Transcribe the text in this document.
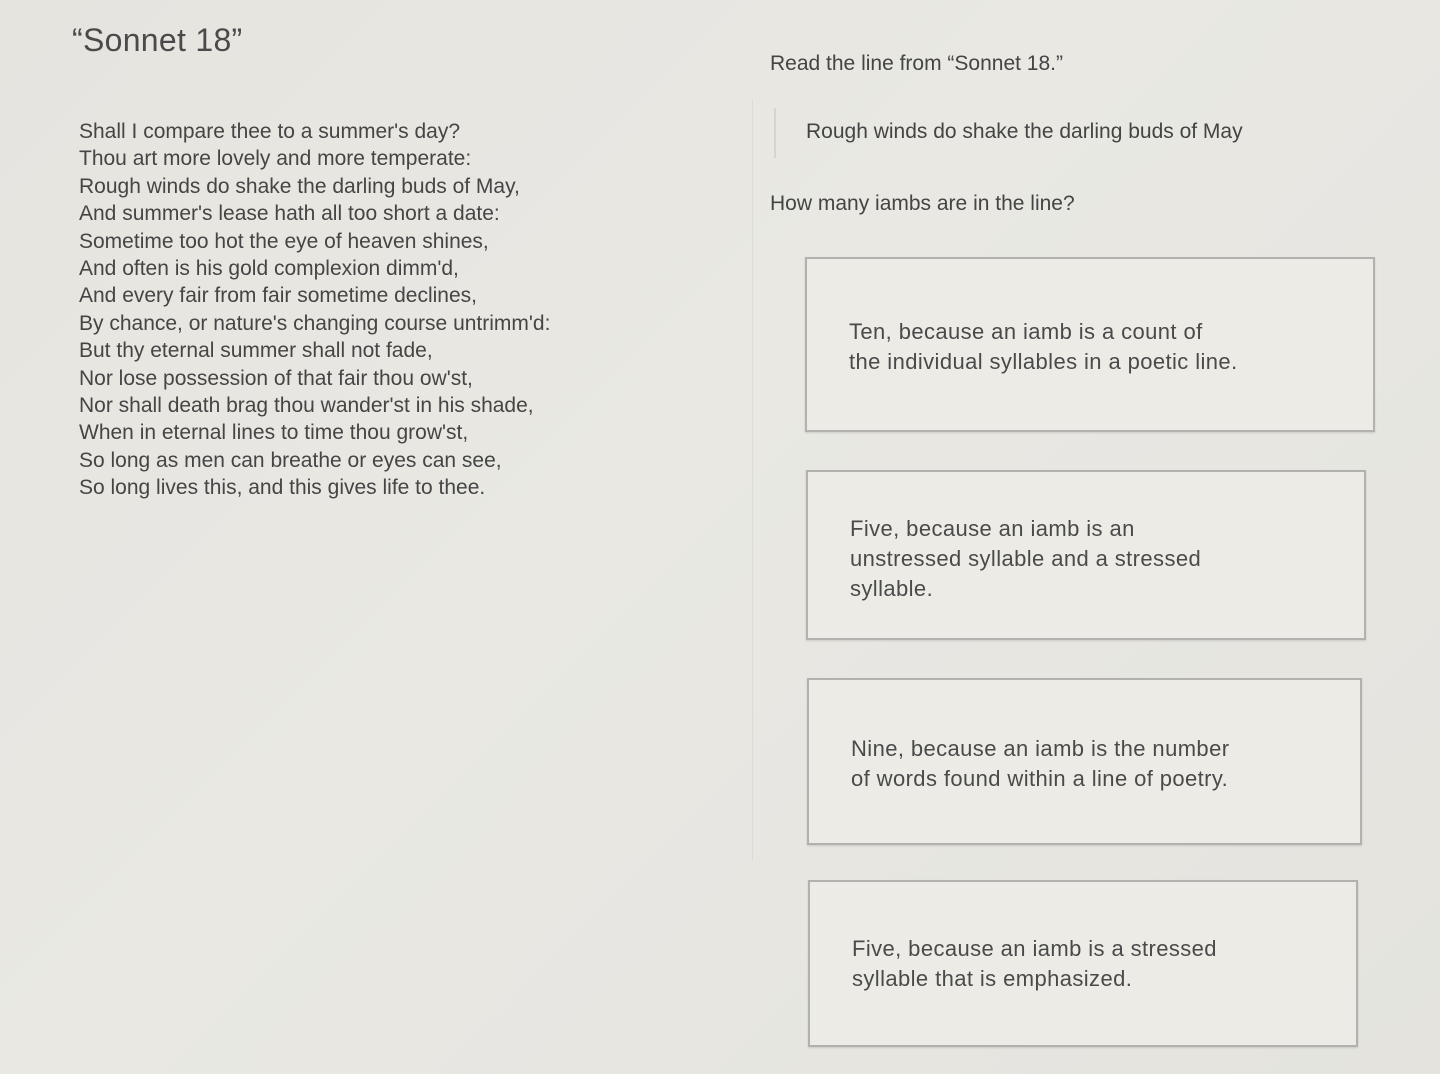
“Sonnet 18”
Shall I compare thee to a summer's day?
Thou art more lovely and more temperate:
Rough winds do shake the darling buds of May,
And summer's lease hath all too short a date:
Sometime too hot the eye of heaven shines,
And often is his gold complexion dimm'd,
And every fair from fair sometime declines,
By chance, or nature's changing course untrimm'd:
But thy eternal summer shall not fade,
Nor lose possession of that fair thou ow'st,
Nor shall death brag thou wander'st in his shade,
When in eternal lines to time thou grow'st,
So long as men can breathe or eyes can see,
So long lives this, and this gives life to thee.

Read the line from “Sonnet 18.”

Rough winds do shake the darling buds of May

How many iambs are in the line?

Ten, because an iamb is a count of
the individual syllables in a poetic line.
Five, because an iamb is an
unstressed syllable and a stressed
syllable.
Nine, because an iamb is the number
of words found within a line of poetry.
Five, because an iamb is a stressed
syllable that is emphasized.
